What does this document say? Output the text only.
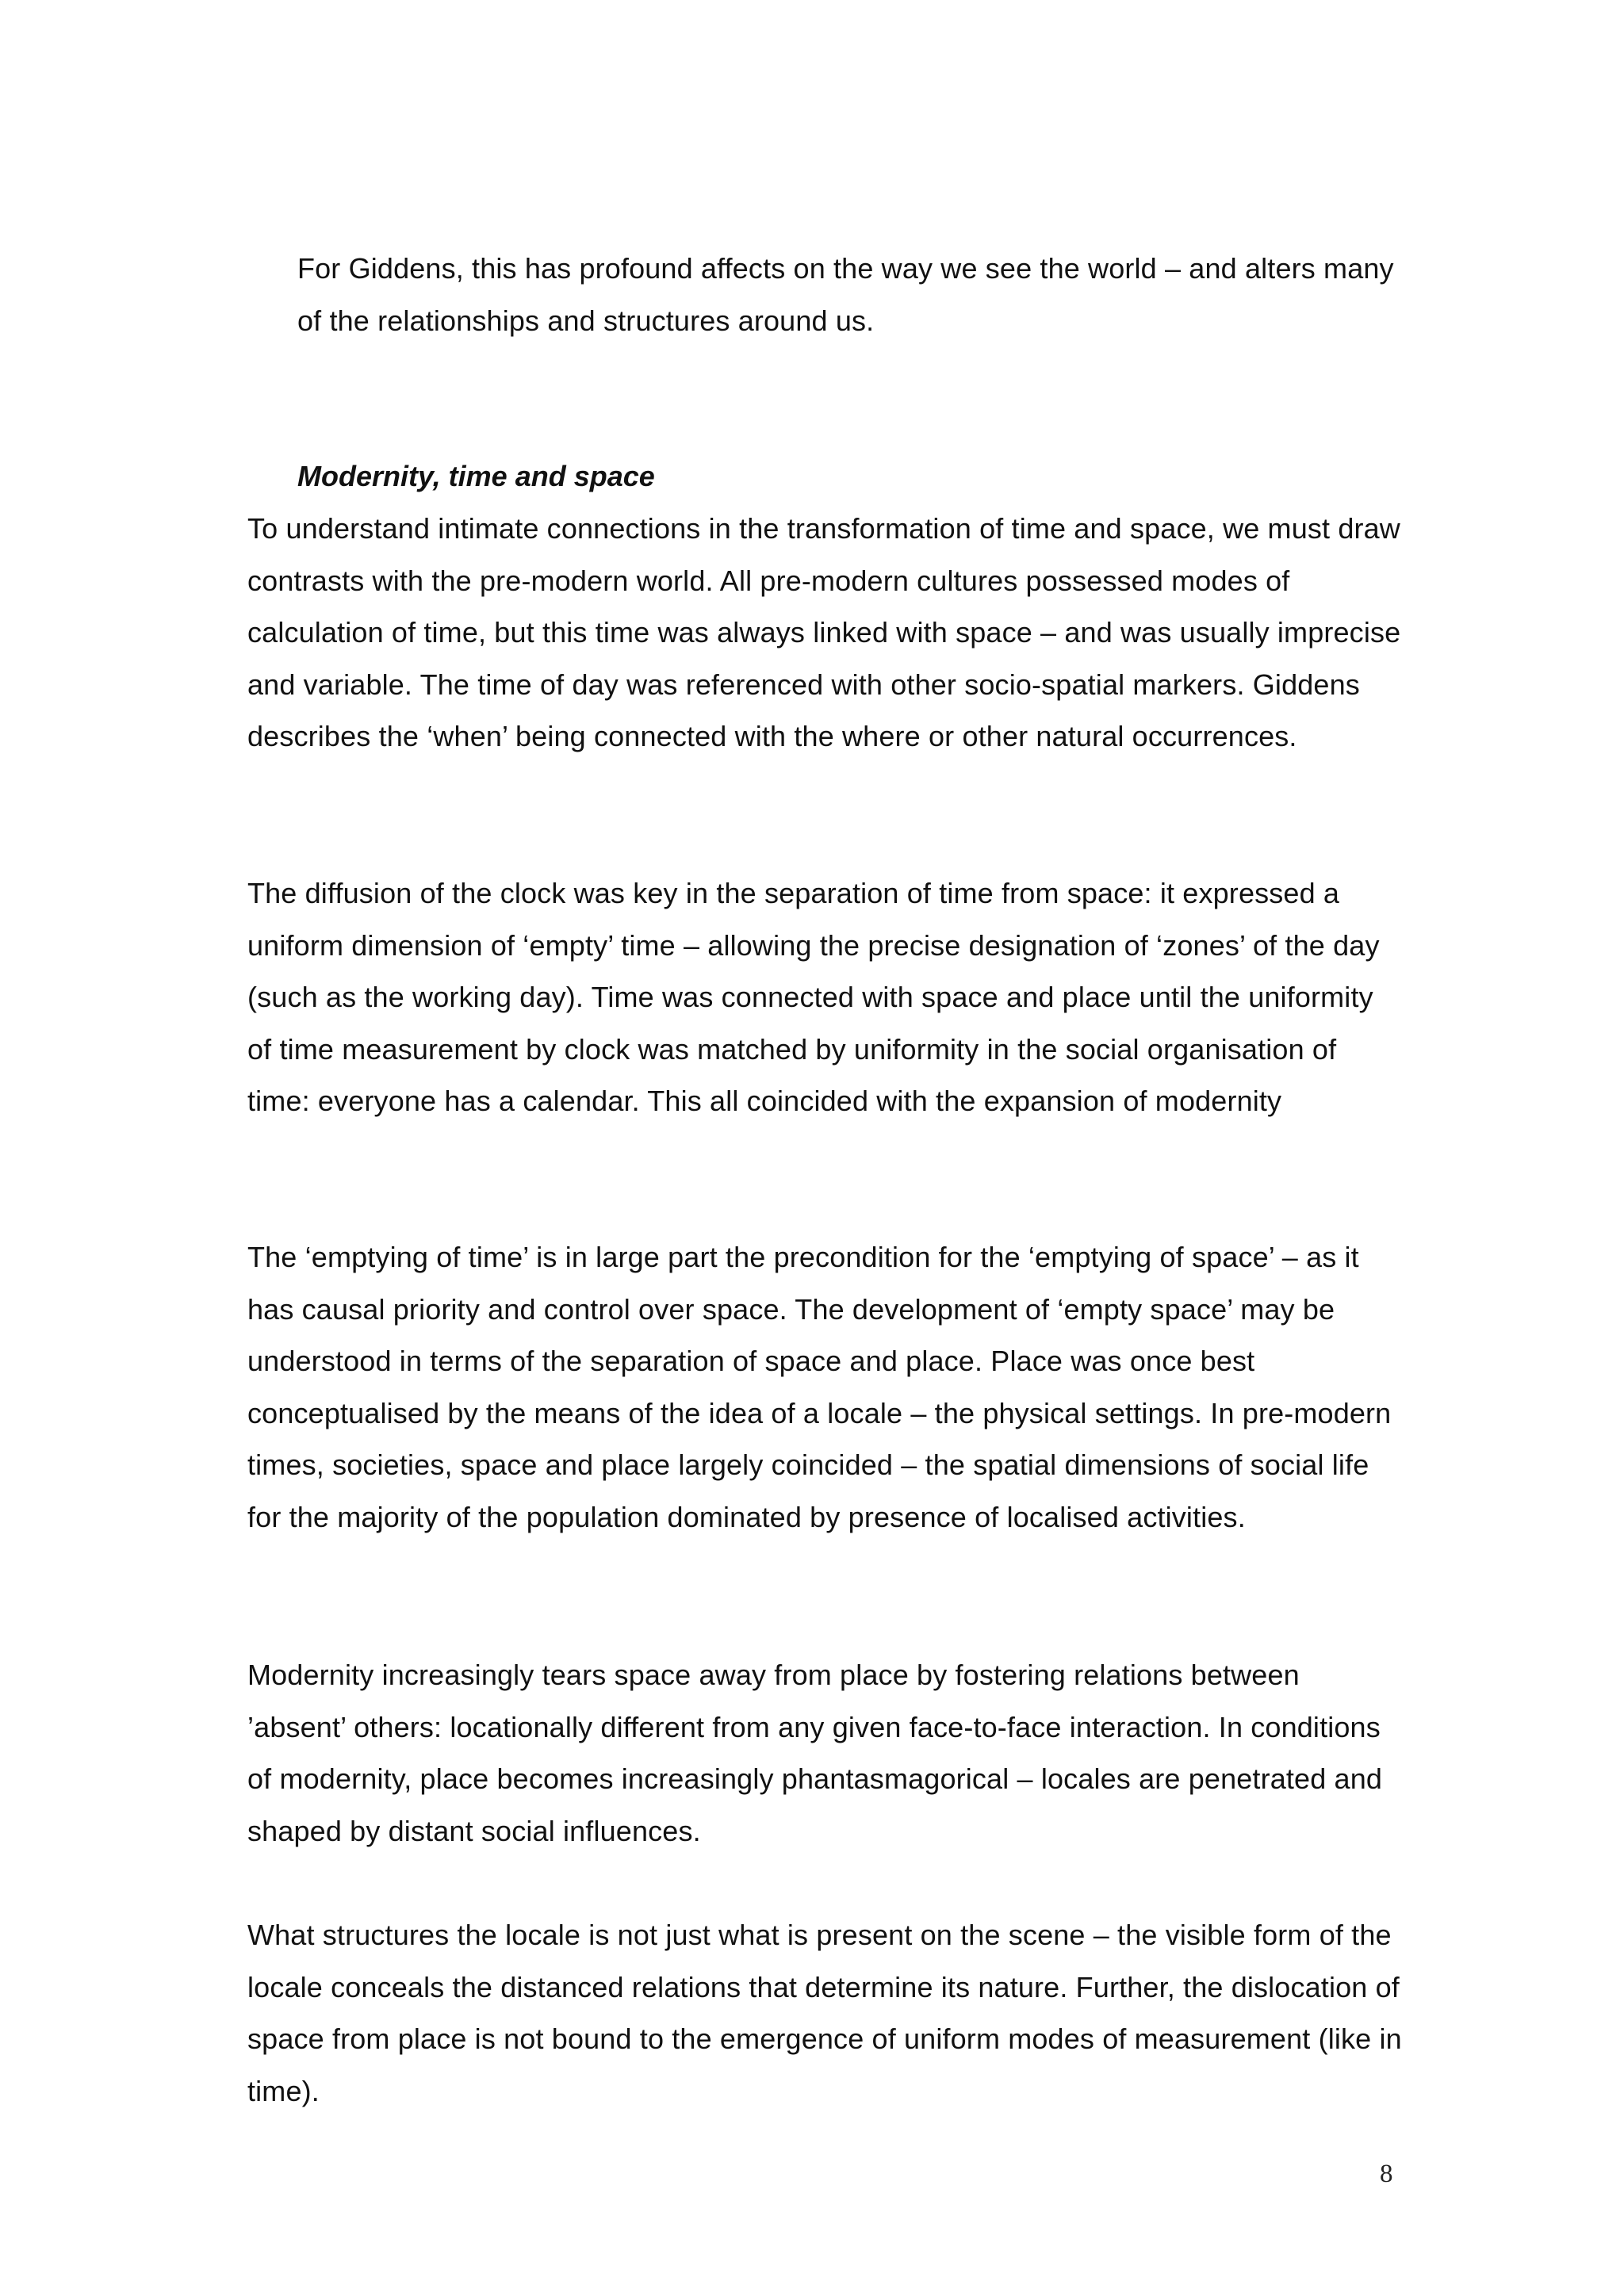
For Giddens, this has profound affects on the way we see the world – and alters many of the relationships and structures around us.

Modernity, time and space

To understand intimate connections in the transformation of time and space, we must draw contrasts with the pre-modern world. All pre-modern cultures possessed modes of calculation of time, but this time was always linked with space – and was usually imprecise and variable. The time of day was referenced with other socio-spatial markers. Giddens describes the ‘when’ being connected with the where or other natural occurrences.

The diffusion of the clock was key in the separation of time from space: it expressed a uniform dimension of ‘empty’ time – allowing the precise designation of ‘zones’ of the day (such as the working day). Time was connected with space and place until the uniformity of time measurement by clock was matched by uniformity in the social organisation of time: everyone has a calendar. This all coincided with the expansion of modernity

The ‘emptying of time’ is in large part the precondition for the ‘emptying of space’ – as it has causal priority and control over space. The development of ‘empty space’ may be understood in terms of the separation of space and place. Place was once best conceptualised by the means of the idea of a locale – the physical settings. In pre-modern times, societies, space and place largely coincided – the spatial dimensions of social life for the majority of the population dominated by presence of localised activities.

Modernity increasingly tears space away from place by fostering relations between ’absent’ others: locationally different from any given face-to-face interaction. In conditions of modernity, place becomes increasingly phantasmagorical – locales are penetrated and shaped by distant social influences.

What structures the locale is not just what is present on the scene – the visible form of the locale conceals the distanced relations that determine its nature. Further, the dislocation of space from place is not bound to the emergence of uniform modes of measurement (like in time).

8
